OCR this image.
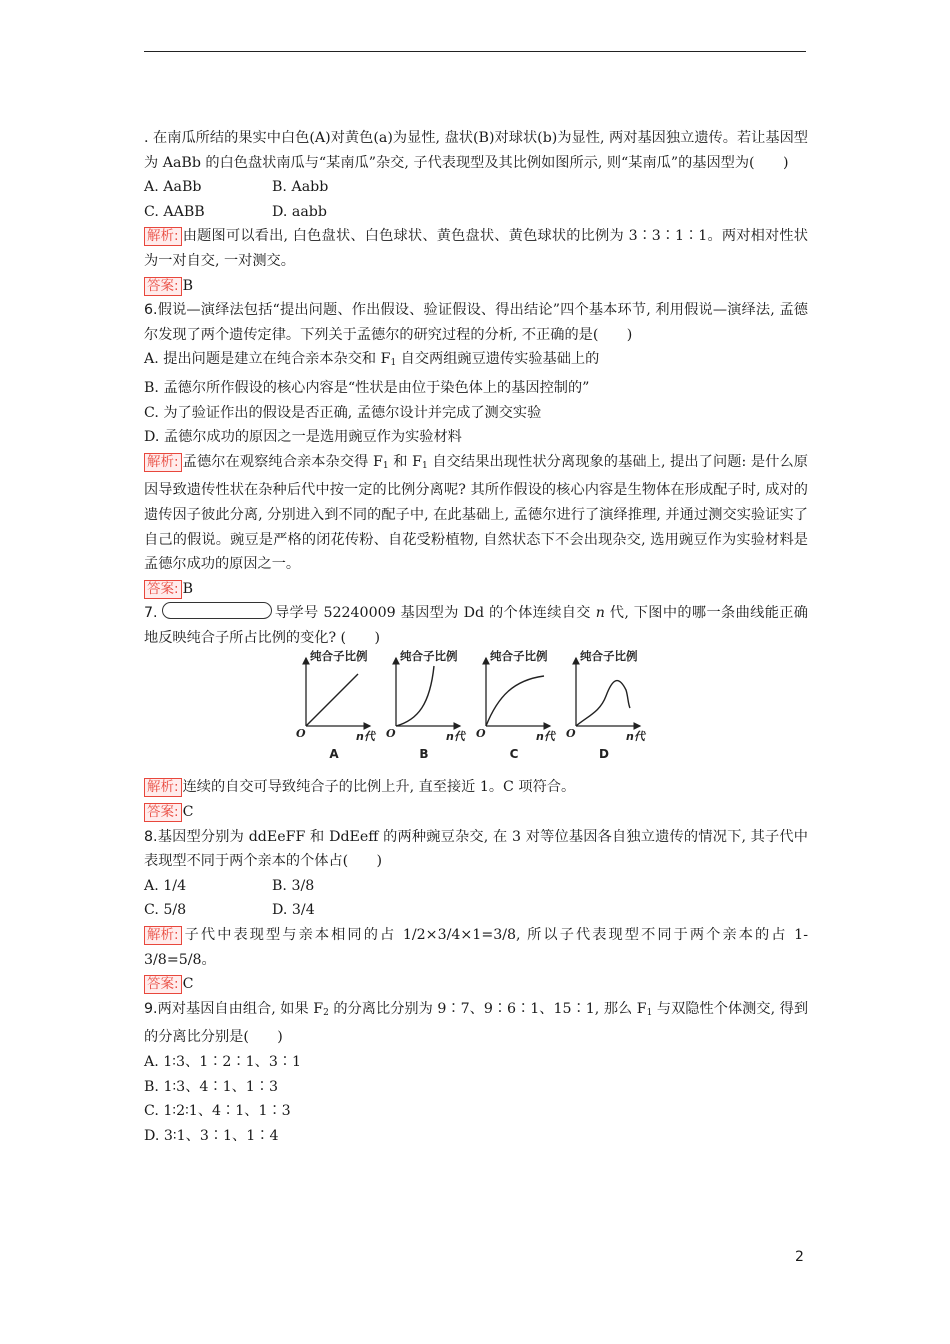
. 在南瓜所结的果实中白色(A)对黄色(a)为显性, 盘状(B)对球状(b)为显性, 两对基因独立遗传。若让基因型为 AaBb 的白色盘状南瓜与“某南瓜”杂交, 子代表现型及其比例如图所示, 则“某南瓜”的基因型为(　　)

A. AaBb	B. Aabb
C. AABB	D. aabb

解析: 由题图可以看出, 白色盘状、白色球状、黄色盘状、黄色球状的比例为 3∶3∶1∶1。两对相对性状为一对自交, 一对测交。

答案: B

6.假说—演绎法包括“提出问题、作出假设、验证假设、得出结论”四个基本环节, 利用假说—演绎法, 孟德尔发现了两个遗传定律。下列关于孟德尔的研究过程的分析, 不正确的是(　　)

A. 提出问题是建立在纯合亲本杂交和 $F_1$ 自交两组豌豆遗传实验基础上的

B. 孟德尔所作假设的核心内容是“性状是由位于染色体上的基因控制的”

C. 为了验证作出的假设是否正确, 孟德尔设计并完成了测交实验

D. 孟德尔成功的原因之一是选用豌豆作为实验材料

解析: 孟德尔在观察纯合亲本杂交得 $F_1$ 和 $F_1$ 自交结果出现性状分离现象的基础上, 提出了问题: 是什么原因导致遗传性状在杂种后代中按一定的比例分离呢? 其所作假设的核心内容是生物体在形成配子时, 成对的遗传因子彼此分离, 分别进入到不同的配子中, 在此基础上, 孟德尔进行了演绎推理, 并通过测交实验证实了自己的假说。豌豆是严格的闭花传粉、自花受粉植物, 自然状态下不会出现杂交, 选用豌豆作为实验材料是孟德尔成功的原因之一。

答案: B

7.	导学号 52240009 基因型为 Dd 的个体连续自交 n 代, 下图中的哪一条曲线能正确地反映纯合子所占比例的变化? (　　)

纯合子比例
O	n代
A
纯合子比例
O	n代
B
纯合子比例
O	n代
C
纯合子比例
O	n代
D

解析: 连续的自交可导致纯合子的比例上升, 直至接近 1。C 项符合。

答案: C

8.基因型分别为 ddEeFF 和 DdEeff 的两种豌豆杂交, 在 3 对等位基因各自独立遗传的情况下, 其子代中表现型不同于两个亲本的个体占(　　)

A. 1/4	B. 3/8
C. 5/8	D. 3/4

解析: 子代中表现型与亲本相同的占 1/2×3/4×1=3/8, 所以子代表现型不同于两个亲本的占 1-3/8=5/8。

答案: C

9.两对基因自由组合, 如果 $F_2$ 的分离比分别为 9∶7、9∶6∶1、15∶1, 那么 $F_1$ 与双隐性个体测交, 得到的分离比分别是(　　)

A. 1∶3、1∶2∶1、3∶1

B. 1∶3、4∶1、1∶3

C. 1∶2∶1、4∶1、1∶3

D. 3∶1、3∶1、1∶4

2
